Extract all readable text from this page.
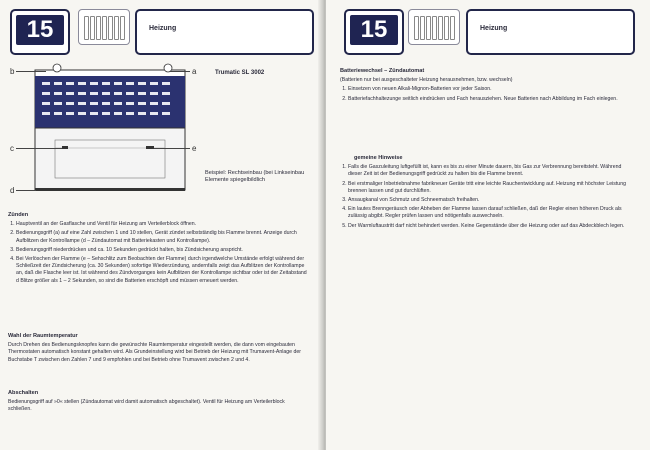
15	Heizung
b	a
c	e
d
Trumatic SL 3002
Beispiel: Rechtseinbau (bei Linkseinbau Elemente spiegelbildlich

Zünden

1. Hauptventil an der Gasflasche und Ventil für Heizung am Verteilerblock öffnen.
2. Bedienungsgriff (a) auf eine Zahl zwischen 1 und 10 stellen, Gerät zündet selbstständig bis Flamme brennt. Anzeige durch Aufblitzen der Kontrollampe (d – Zündautomat mit Batteriekasten und Kontrollampe).
3. Bedienungsgriff niederdrücken und ca. 10 Sekunden gedrückt halten, bis Zündsicherung anspricht.
4. Bei Verlöschen der Flamme (e – Sehschlitz zum Beobachten der Flamme) durch irgendwelche Umstände erfolgt während der Schließzeit der Zündsicherung (ca. 30 Sekunden) sofortige Wiederzündung, andernfalls zeigt das Aufblitzen der Kontrollampe an, daß die Flasche leer ist. Ist während des Zündvorganges kein Aufblitzen der Kontrollampe sichtbar oder ist der Zeitabstand d Blitze größer als 1 – 2 Sekunden, so sind die Batterien erschöpft und müssen erneuert werden.

Wahl der Raumtemperatur

Durch Drehen des Bedienungsknopfes kann die gewünschte Raumtemperatur eingestellt werden, die dann vom eingebauten Thermostaten automatisch konstant gehalten wird. Als Grundeinstellung wird bei Betrieb der Heizung mit Trumavent-Anlage der Buchstabe T zwischen den Zahlen 7 und 9 empfohlen und bei Betrieb ohne Trumavent zwischen 2 und 4.

Abschalten

Bedienungsgriff auf »0« stellen (Zündautomat wird damit automatisch abgeschaltet). Ventil für Heizung am Verteilerblock schließen.

15	Heizung

Batteriewechsel – Zündautomat

(Batterien nur bei ausgeschalteter Heizung herausnehmen, bzw. wechseln)

1. Einsetzen von neuen Alkali-Mignon-Batterien vor jeder Saison.
2. Batteriefachhaltezunge seitlich eindrücken und Fach herausziehen. Neue Batterien nach Abbildung im Fach einlegen.

gemeine Hinweise

1. Falls die Gaszuleitung luftgefüllt ist, kann es bis zu einer Minute dauern, bis Gas zur Verbrennung bereitsteht. Während dieser Zeit ist der Bedienungsgriff gedrückt zu halten bis die Flamme brennt.
2. Bei erstmaliger Inbetriebnahme fabrikneuer Geräte tritt eine leichte Rauchentwicklung auf. Heizung mit höchster Leistung brennen lassen und gut durchlüften.
3. Ansaugkanal von Schmutz und Schneematsch freihalten.
4. Ein lautes Brenngeräusch oder Abheben der Flamme lassen darauf schließen, daß der Regler einen höheren Druck als zulässig abgibt. Regler prüfen lassen und nötigenfalls auswechseln.
5. Der Warmluftaustritt darf nicht behindert werden. Keine Gegenstände über die Heizung oder auf das Abdeckblech legen.
